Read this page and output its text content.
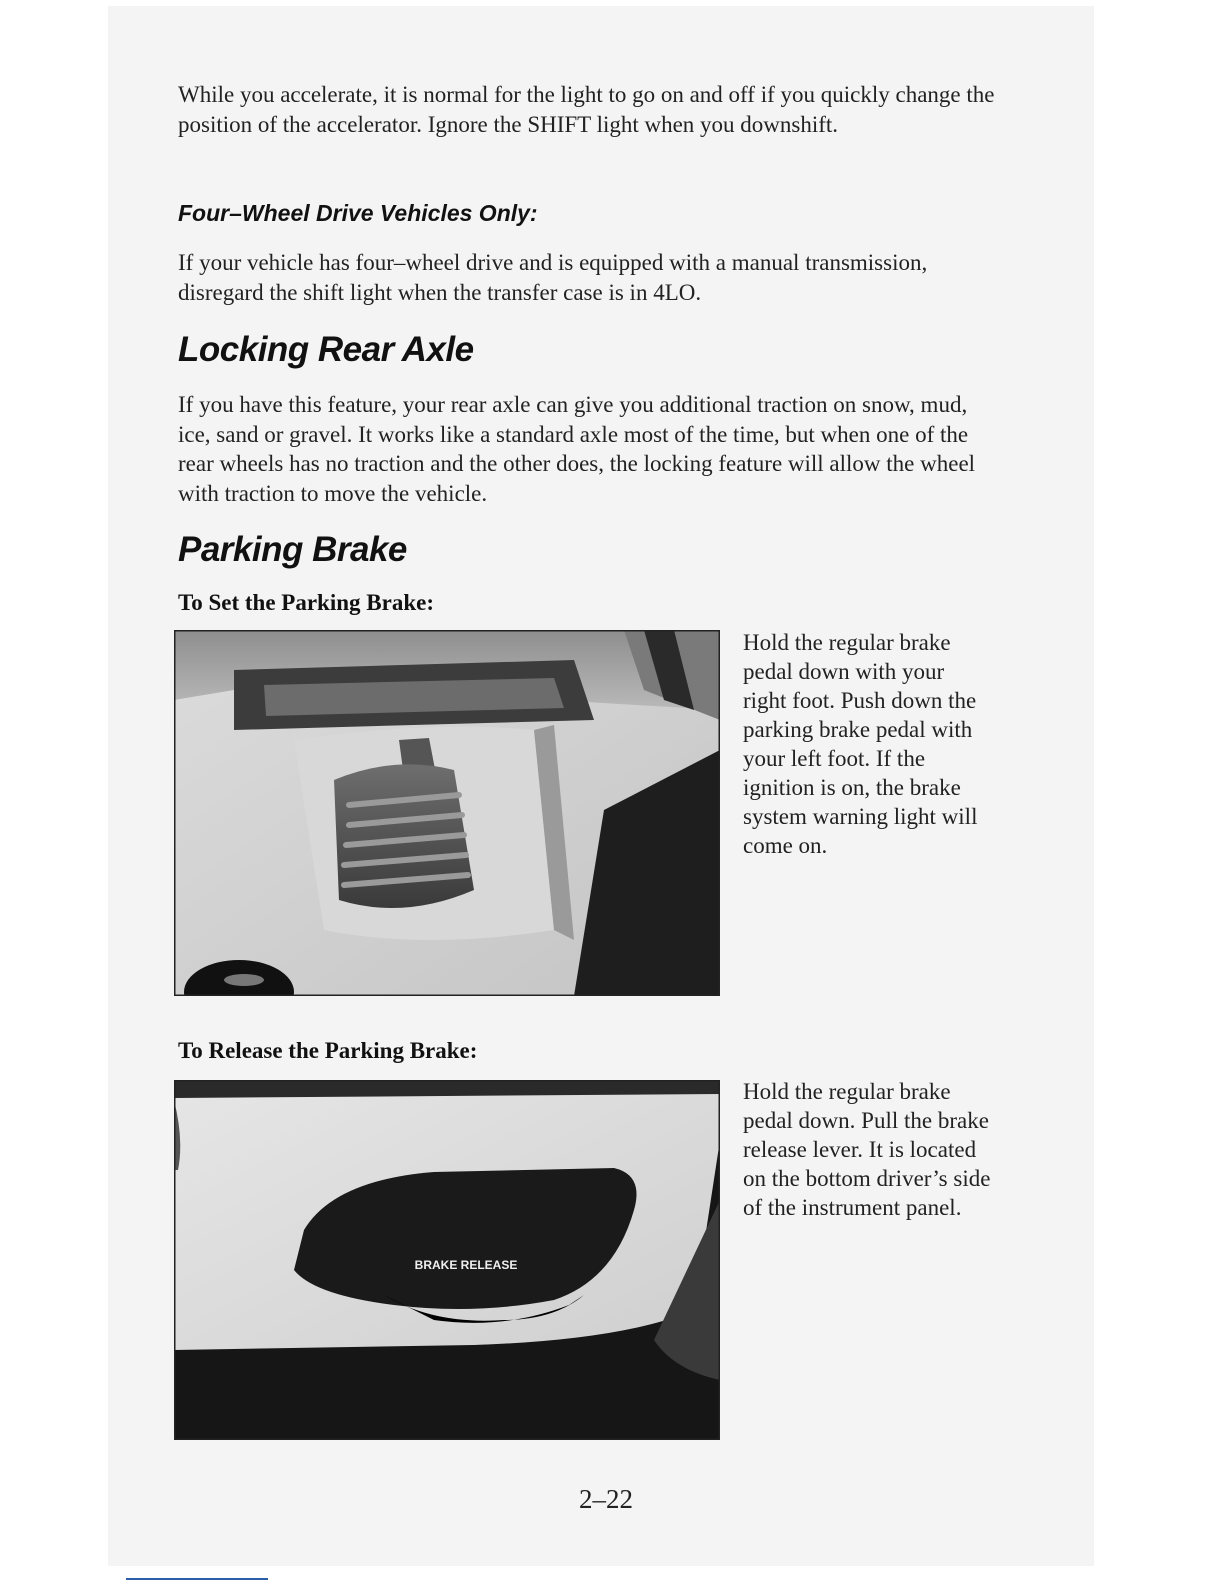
While you accelerate, it is normal for the light to go on and off if you quickly change the position of the accelerator. Ignore the SHIFT light when you downshift.

Four–Wheel Drive Vehicles Only:

If your vehicle has four–wheel drive and is equipped with a manual transmission, disregard the shift light when the transfer case is in 4LO.

Locking Rear Axle

If you have this feature, your rear axle can give you additional traction on snow, mud, ice, sand or gravel. It works like a standard axle most of the time, but when one of the rear wheels has no traction and the other does, the locking feature will allow the wheel with traction to move the vehicle.

Parking Brake
To Set the Parking Brake:

Hold the regular brake pedal down with your right foot. Push down the parking brake pedal with your left foot. If the ignition is on, the brake system warning light will come on.

To Release the Parking Brake:
BRAKE RELEASE

Hold the regular brake pedal down. Pull the brake release lever. It is located on the bottom driver’s side of the instrument panel.

2–22
